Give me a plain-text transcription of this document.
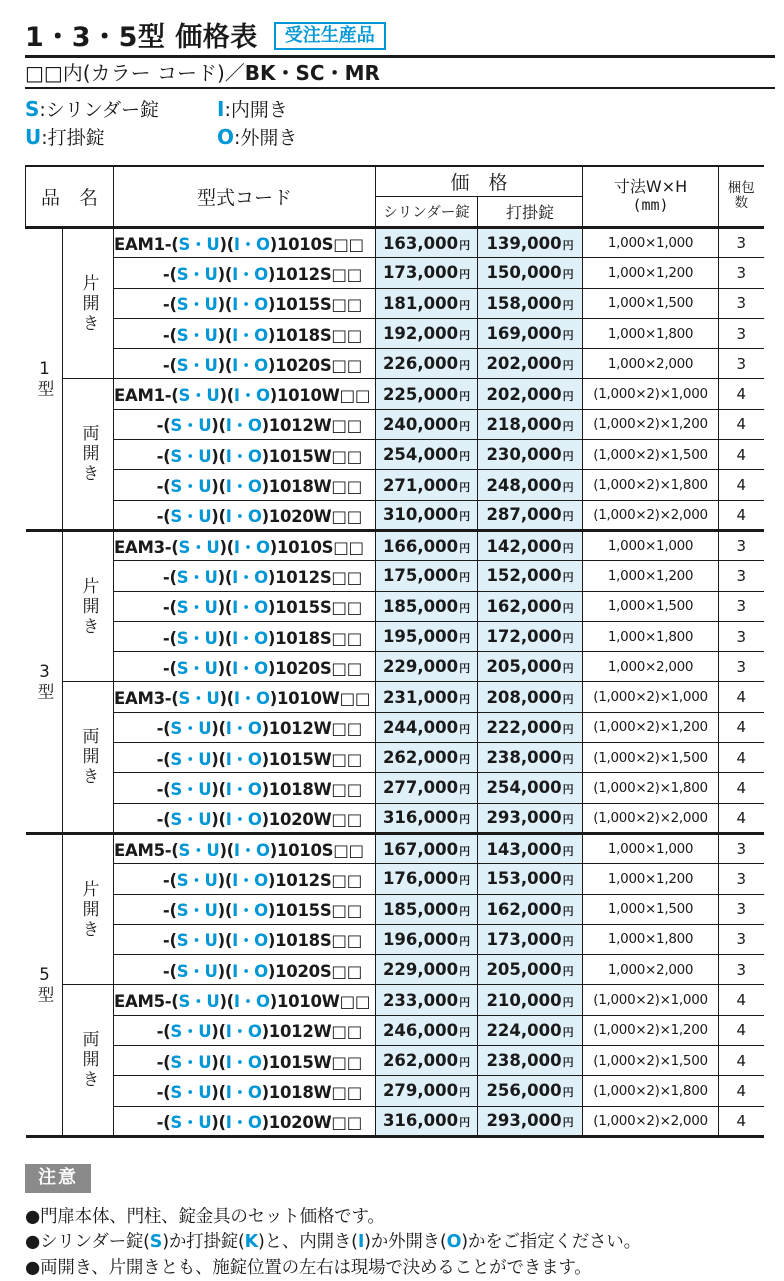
1・3・5型 価格表	受注生産品
□□内(カラー コード)／BK・SC・MR
S:シリンダー錠	I:内開き
U:打掛錠	O:外開き
品　名	型式コード	価　格	寸法W×H
(mm)

梱包
数

			シリンダー錠	打掛錠		

1型	片開き	EAM1-(S・U)(I・O)1010S□□	163,000円	139,000円	1,000×1,000	3
		-(S・U)(I・O)1012S□□	173,000円	150,000円	1,000×1,200	3
		-(S・U)(I・O)1015S□□	181,000円	158,000円	1,000×1,500	3
		-(S・U)(I・O)1018S□□	192,000円	169,000円	1,000×1,800	3
		-(S・U)(I・O)1020S□□	226,000円	202,000円	1,000×2,000	3

	両開き	EAM1-(S・U)(I・O)1010W□□	225,000円	202,000円	(1,000×2)×1,000	4
		-(S・U)(I・O)1012W□□	240,000円	218,000円	(1,000×2)×1,200	4
		-(S・U)(I・O)1015W□□	254,000円	230,000円	(1,000×2)×1,500	4
		-(S・U)(I・O)1018W□□	271,000円	248,000円	(1,000×2)×1,800	4
		-(S・U)(I・O)1020W□□	310,000円	287,000円	(1,000×2)×2,000	4

3型	片開き	EAM3-(S・U)(I・O)1010S□□	166,000円	142,000円	1,000×1,000	3
		-(S・U)(I・O)1012S□□	175,000円	152,000円	1,000×1,200	3
		-(S・U)(I・O)1015S□□	185,000円	162,000円	1,000×1,500	3
		-(S・U)(I・O)1018S□□	195,000円	172,000円	1,000×1,800	3
		-(S・U)(I・O)1020S□□	229,000円	205,000円	1,000×2,000	3

	両開き	EAM3-(S・U)(I・O)1010W□□	231,000円	208,000円	(1,000×2)×1,000	4
		-(S・U)(I・O)1012W□□	244,000円	222,000円	(1,000×2)×1,200	4
		-(S・U)(I・O)1015W□□	262,000円	238,000円	(1,000×2)×1,500	4
		-(S・U)(I・O)1018W□□	277,000円	254,000円	(1,000×2)×1,800	4
		-(S・U)(I・O)1020W□□	316,000円	293,000円	(1,000×2)×2,000	4

5型	片開き	EAM5-(S・U)(I・O)1010S□□	167,000円	143,000円	1,000×1,000	3
		-(S・U)(I・O)1012S□□	176,000円	153,000円	1,000×1,200	3
		-(S・U)(I・O)1015S□□	185,000円	162,000円	1,000×1,500	3
		-(S・U)(I・O)1018S□□	196,000円	173,000円	1,000×1,800	3
		-(S・U)(I・O)1020S□□	229,000円	205,000円	1,000×2,000	3

	両開き	EAM5-(S・U)(I・O)1010W□□	233,000円	210,000円	(1,000×2)×1,000	4
		-(S・U)(I・O)1012W□□	246,000円	224,000円	(1,000×2)×1,200	4
		-(S・U)(I・O)1015W□□	262,000円	238,000円	(1,000×2)×1,500	4
		-(S・U)(I・O)1018W□□	279,000円	256,000円	(1,000×2)×1,800	4
		-(S・U)(I・O)1020W□□	316,000円	293,000円	(1,000×2)×2,000	4
注意

●門扉本体、門柱、錠金具のセット価格です。

●シリンダー錠(S)か打掛錠(K)と、内開き(I)か外開き(O)かをご指定ください。

●両開き、片開きとも、施錠位置の左右は現場で決めることができます。
